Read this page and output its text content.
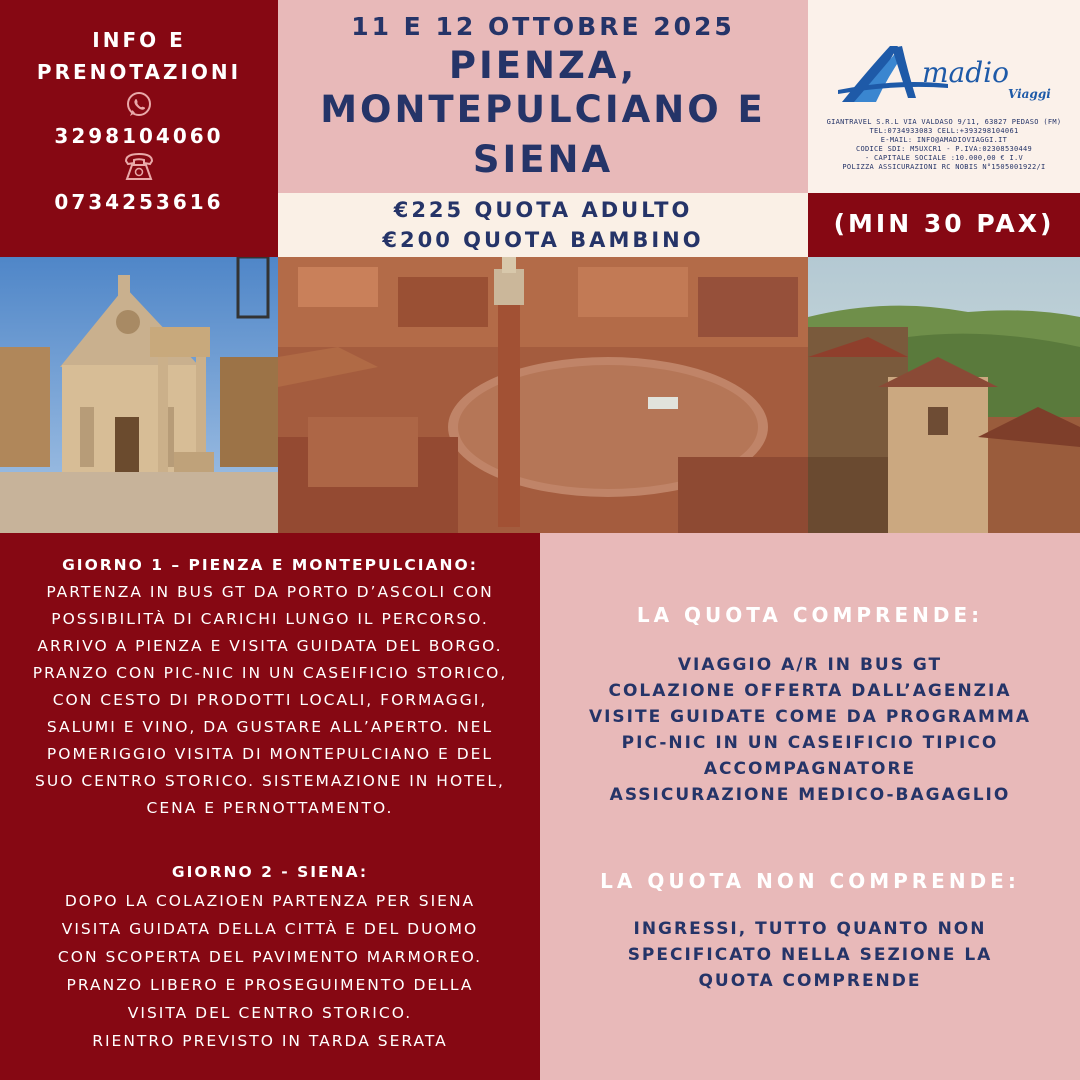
INFO E
PRENOTAZIONI
3298104060
0734253616
11 E 12 OTTOBRE 2025
PIENZA,
MONTEPULCIANO E
SIENA
€225 QUOTA ADULTO
€200 QUOTA BAMBINO
madio
Viaggi
GIANTRAVEL S.R.L VIA VALDASO 9/11, 63827 PEDASO (FM)
TEL:0734933083 CELL:+393298104061
E-MAIL: INFO@AMADIOVIAGGI.IT
CODICE SDI: M5UXCR1 - P.IVA:02308530449
- CAPITALE SOCIALE :10.000,00 € I.V
POLIZZA ASSICURAZIONI RC NOBIS N°1505001922/I
(MIN 30 PAX)
GIORNO 1 – PIENZA E MONTEPULCIANO:
PARTENZA IN BUS GT DA PORTO D’ASCOLI CON
POSSIBILITÀ DI CARICHI LUNGO IL PERCORSO.
ARRIVO A PIENZA E VISITA GUIDATA DEL BORGO.
PRANZO CON PIC-NIC IN UN CASEIFICIO STORICO,
CON CESTO DI PRODOTTI LOCALI, FORMAGGI,
SALUMI E VINO, DA GUSTARE ALL’APERTO. NEL
POMERIGGIO VISITA DI MONTEPULCIANO E DEL
SUO CENTRO STORICO. SISTEMAZIONE IN HOTEL,
CENA E PERNOTTAMENTO.
GIORNO 2 - SIENA:
DOPO LA COLAZIOEN PARTENZA PER SIENA
VISITA GUIDATA DELLA CITTÀ E DEL DUOMO
CON SCOPERTA DEL PAVIMENTO MARMOREO.
PRANZO LIBERO E PROSEGUIMENTO DELLA
VISITA DEL CENTRO STORICO.
RIENTRO PREVISTO IN TARDA SERATA
LA QUOTA COMPRENDE:
VIAGGIO A/R IN BUS GT
COLAZIONE OFFERTA DALL’AGENZIA
VISITE GUIDATE COME DA PROGRAMMA
PIC-NIC IN UN CASEIFICIO TIPICO
ACCOMPAGNATORE
ASSICURAZIONE MEDICO-BAGAGLIO
LA QUOTA NON COMPRENDE:
INGRESSI, TUTTO QUANTO NON
SPECIFICATO NELLA SEZIONE LA
QUOTA COMPRENDE
